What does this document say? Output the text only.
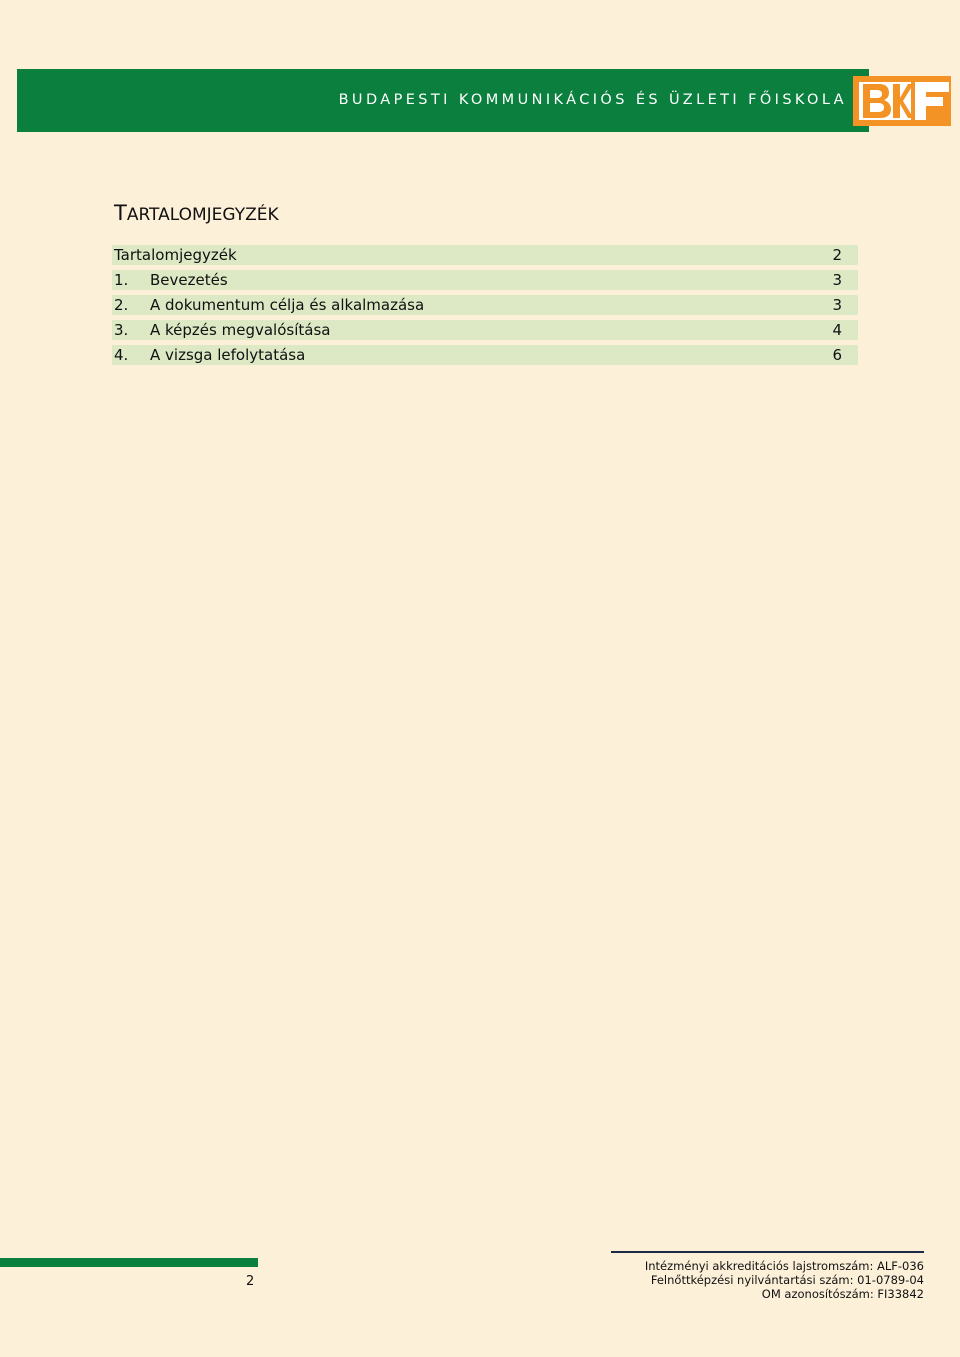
BUDAPESTI KOMMUNIKÁCIÓS ÉS ÜZLETI FŐISKOLA
TARTALOMJEGYZÉK
Tartalomjegyzék	2
1. Bevezetés	3
2. A dokumentum célja és alkalmazása	3
3. A képzés megvalósítása	4
4. A vizsga lefolytatása	6
2
Intézményi akkreditációs lajstromszám: ALF-036
Felnőttképzési nyilvántartási szám: 01-0789-04
OM azonosítószám: FI33842
